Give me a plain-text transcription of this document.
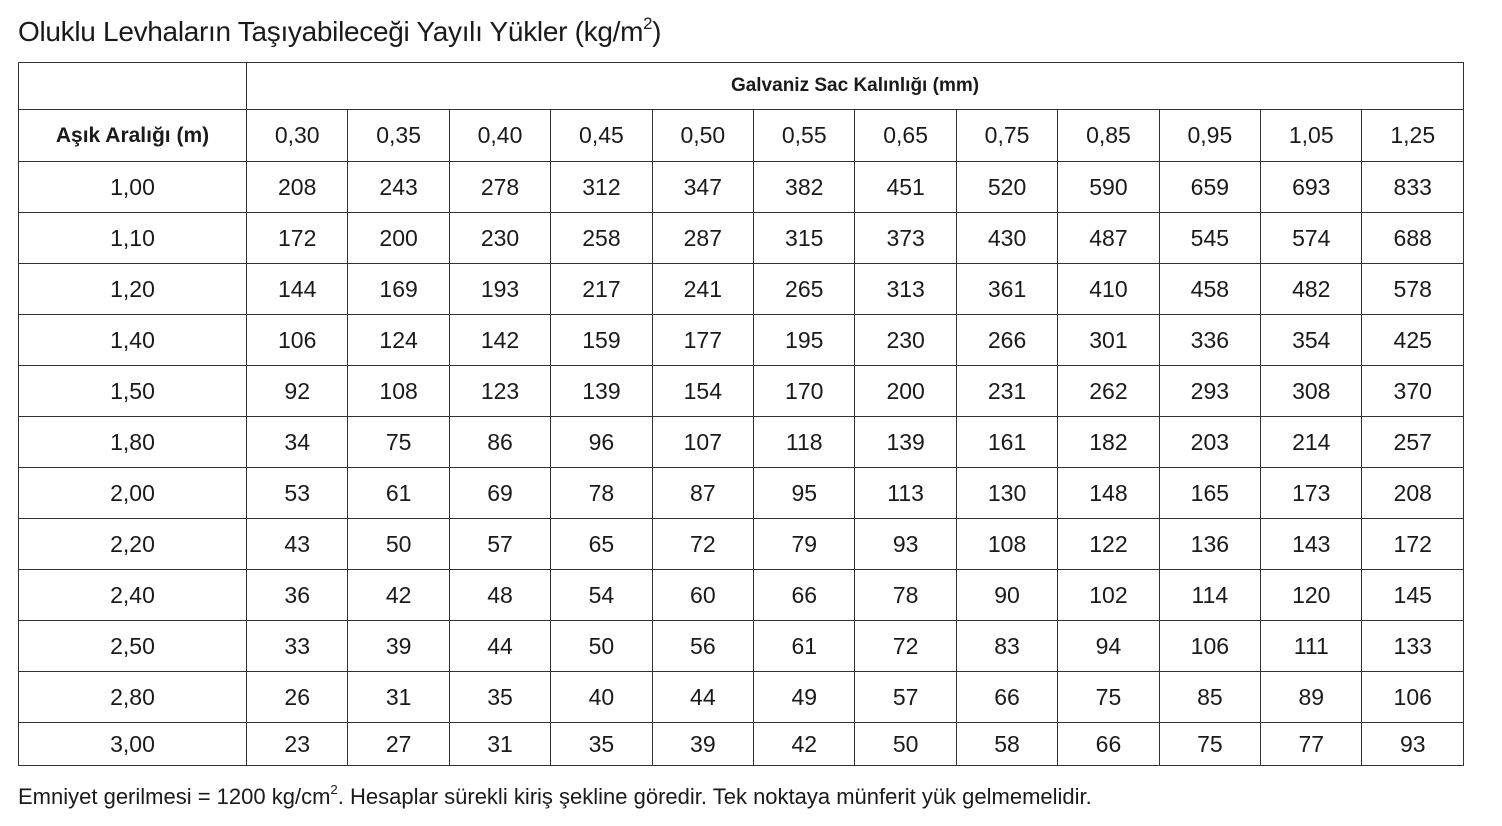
Oluklu Levhaların Taşıyabileceği Yayılı Yükler $(kg/m^2)$
	Galvaniz Sac Kalınlığı (mm)											
Aşık Aralığı (m)	0,30	0,35	0,40	0,45	0,50	0,55	0,65	0,75	0,85	0,95	1,05	1,25
1,00	208	243	278	312	347	382	451	520	590	659	693	833
1,10	172	200	230	258	287	315	373	430	487	545	574	688
1,20	144	169	193	217	241	265	313	361	410	458	482	578
1,40	106	124	142	159	177	195	230	266	301	336	354	425
1,50	92	108	123	139	154	170	200	231	262	293	308	370
1,80	34	75	86	96	107	118	139	161	182	203	214	257
2,00	53	61	69	78	87	95	113	130	148	165	173	208
2,20	43	50	57	65	72	79	93	108	122	136	143	172
2,40	36	42	48	54	60	66	78	90	102	114	120	145
2,50	33	39	44	50	56	61	72	83	94	106	111	133
2,80	26	31	35	40	44	49	57	66	75	85	89	106
3,00	23	27	31	35	39	42	50	58	66	75	77	93
Emniyet gerilmesi = 1200 $kg/cm^2$. Hesaplar sürekli kiriş şekline göredir. Tek noktaya münferit yük gelmemelidir.
